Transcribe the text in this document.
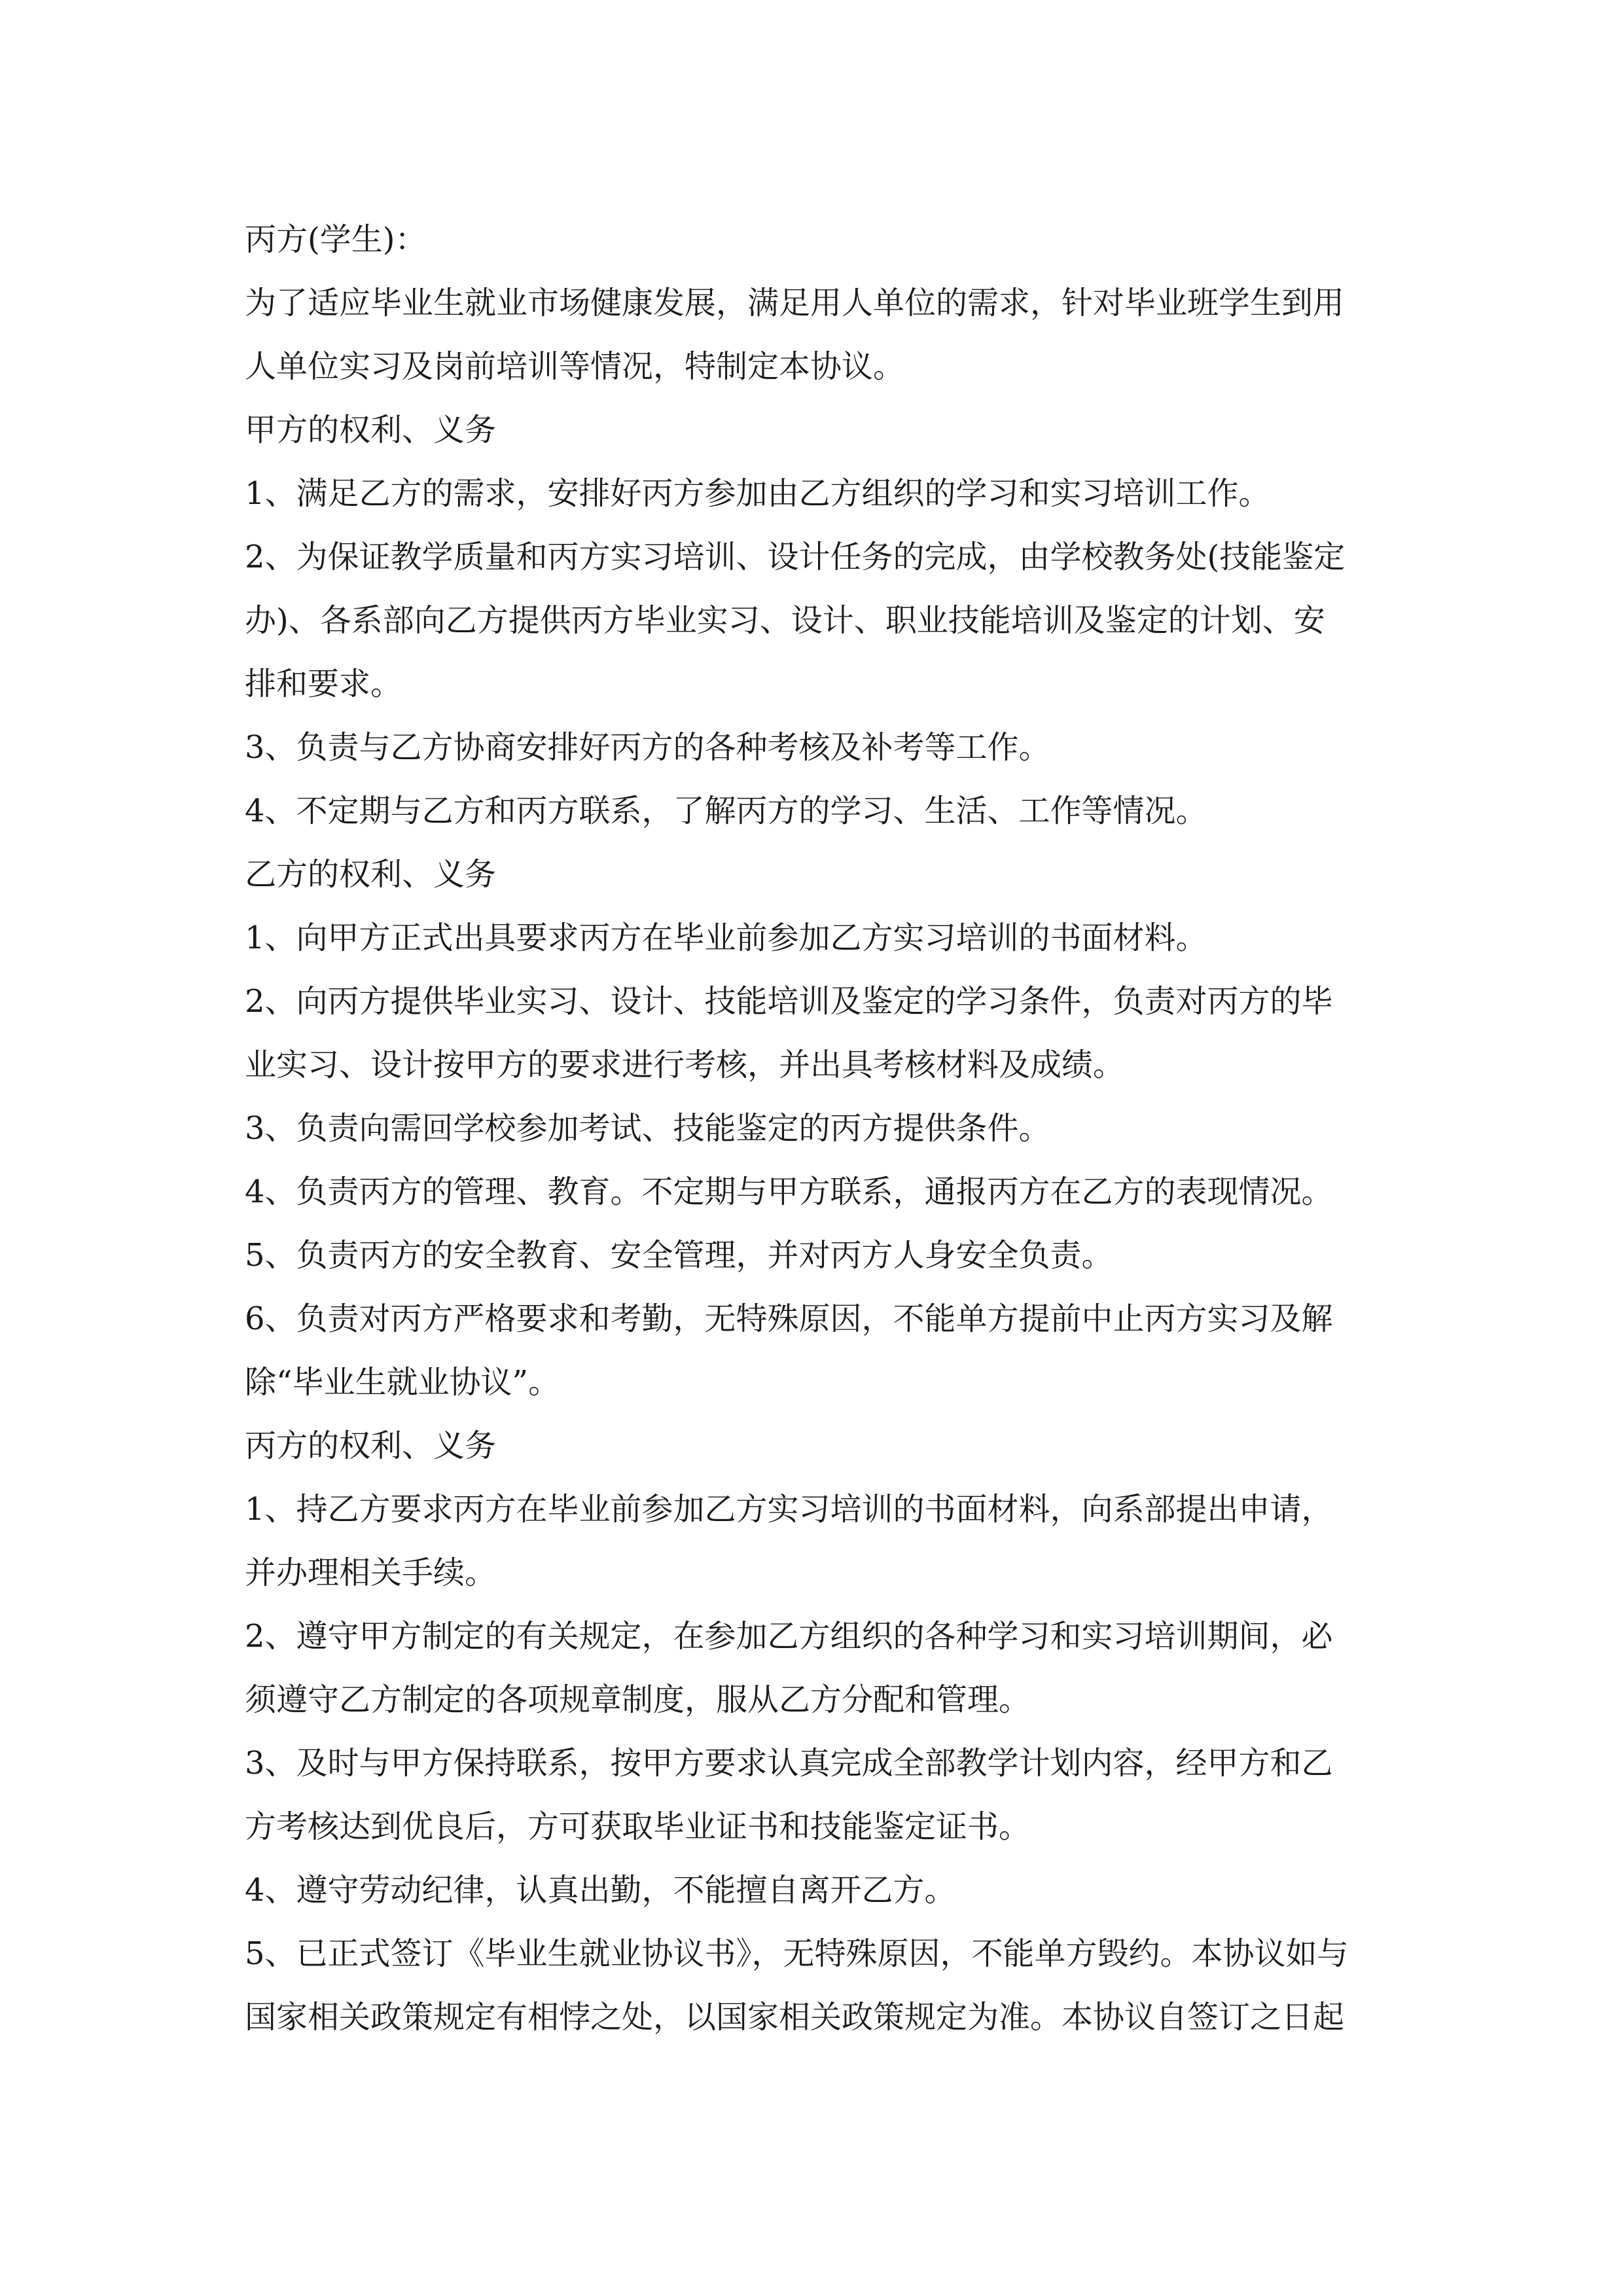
丙方(学生)：
为了适应毕业生就业市场健康发展，满足用人单位的需求，针对毕业班学生到用
人单位实习及岗前培训等情况，特制定本协议。
甲方的权利、义务
1、满足乙方的需求，安排好丙方参加由乙方组织的学习和实习培训工作。
2、为保证教学质量和丙方实习培训、设计任务的完成，由学校教务处(技能鉴定
办)、各系部向乙方提供丙方毕业实习、设计、职业技能培训及鉴定的计划、安
排和要求。
3、负责与乙方协商安排好丙方的各种考核及补考等工作。
4、不定期与乙方和丙方联系，了解丙方的学习、生活、工作等情况。
乙方的权利、义务
1、向甲方正式出具要求丙方在毕业前参加乙方实习培训的书面材料。
2、向丙方提供毕业实习、设计、技能培训及鉴定的学习条件，负责对丙方的毕
业实习、设计按甲方的要求进行考核，并出具考核材料及成绩。
3、负责向需回学校参加考试、技能鉴定的丙方提供条件。
4、负责丙方的管理、教育。不定期与甲方联系，通报丙方在乙方的表现情况。
5、负责丙方的安全教育、安全管理，并对丙方人身安全负责。
6、负责对丙方严格要求和考勤，无特殊原因，不能单方提前中止丙方实习及解
除“毕业生就业协议”。
丙方的权利、义务
1、持乙方要求丙方在毕业前参加乙方实习培训的书面材料，向系部提出申请，
并办理相关手续。
2、遵守甲方制定的有关规定，在参加乙方组织的各种学习和实习培训期间，必
须遵守乙方制定的各项规章制度，服从乙方分配和管理。
3、及时与甲方保持联系，按甲方要求认真完成全部教学计划内容，经甲方和乙
方考核达到优良后，方可获取毕业证书和技能鉴定证书。
4、遵守劳动纪律，认真出勤，不能擅自离开乙方。
5、已正式签订《毕业生就业协议书》，无特殊原因，不能单方毁约。本协议如与
国家相关政策规定有相悖之处，以国家相关政策规定为准。本协议自签订之日起
